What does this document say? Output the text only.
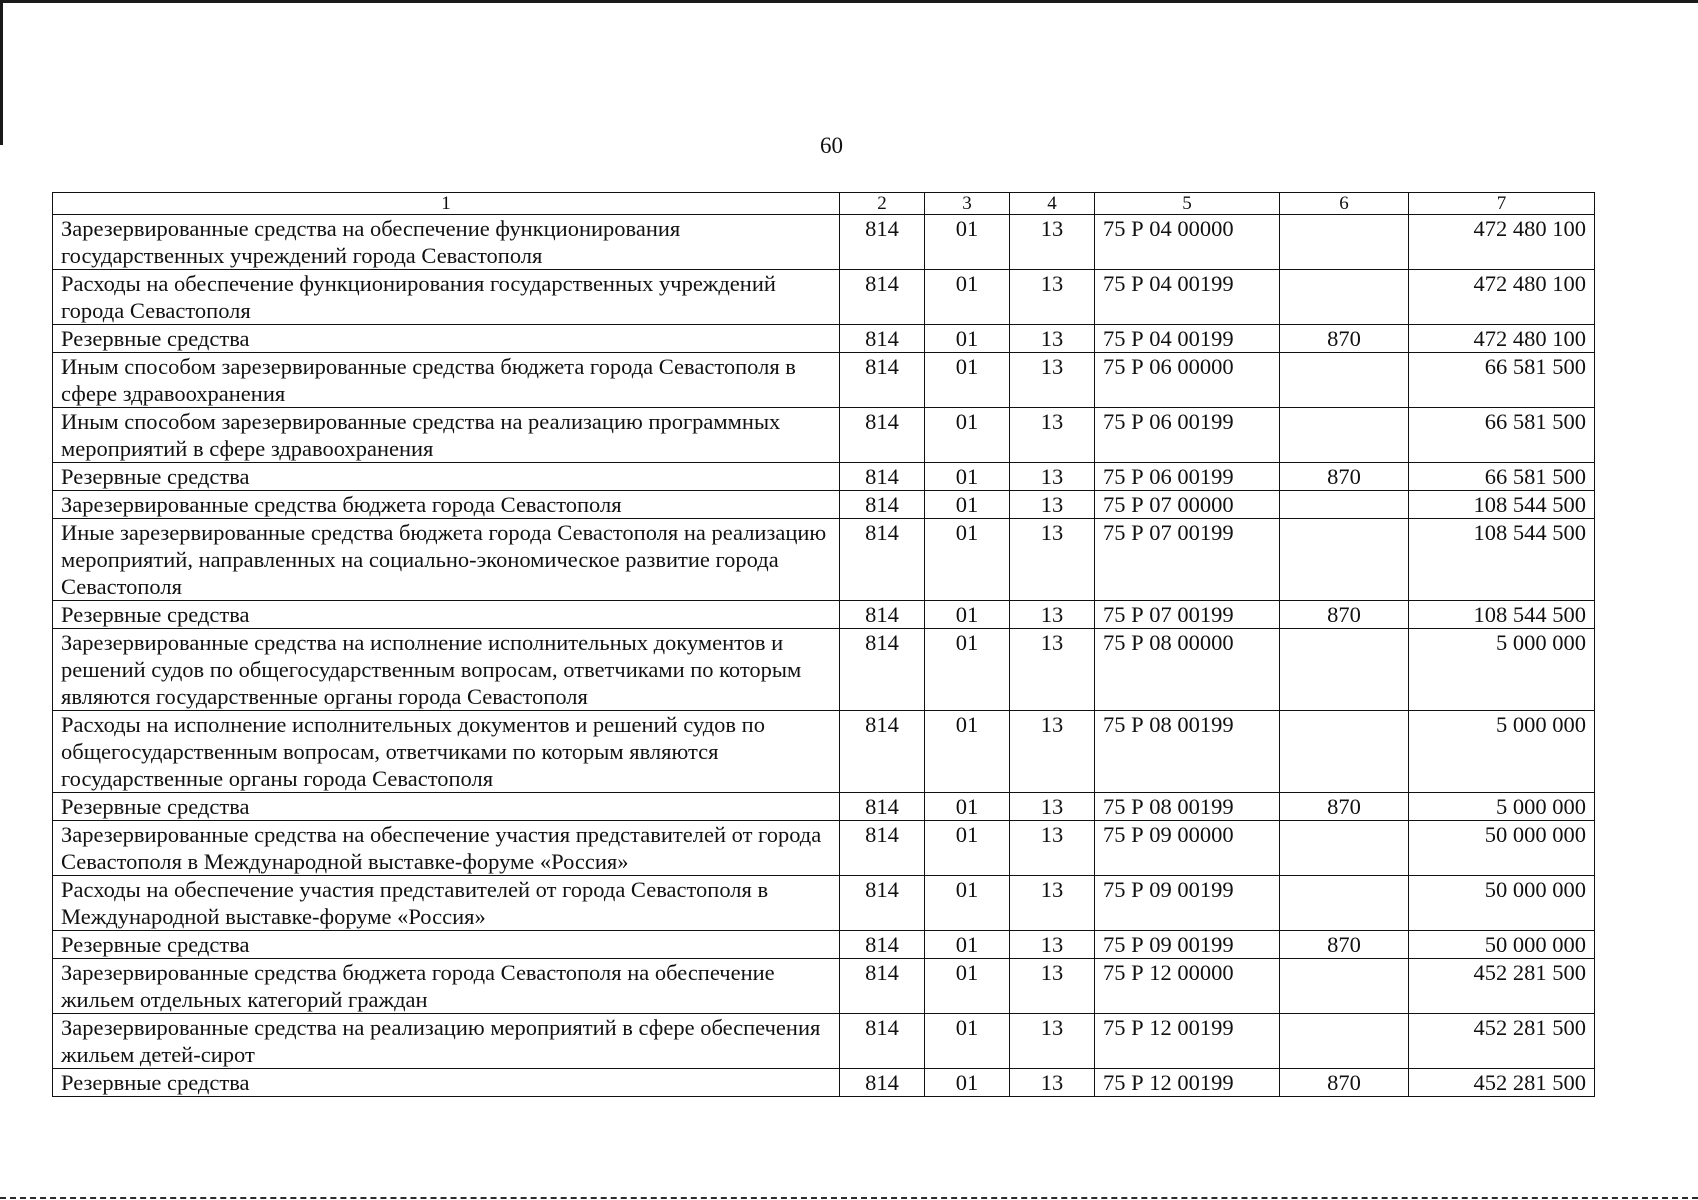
60
1	2	3	4	5	6	7
Зарезервированные средства на обеспечение функционирования государственных учреждений города Севастополя	814	01	13	75 Р 04 00000		472 480 100
Расходы на обеспечение функционирования государственных учреждений города Севастополя	814	01	13	75 Р 04 00199		472 480 100
Резервные средства	814	01	13	75 Р 04 00199	870	472 480 100
Иным способом зарезервированные средства бюджета города Севастополя в сфере здравоохранения	814	01	13	75 Р 06 00000		66 581 500
Иным способом зарезервированные средства на реализацию программных мероприятий в сфере здравоохранения	814	01	13	75 Р 06 00199		66 581 500
Резервные средства	814	01	13	75 Р 06 00199	870	66 581 500
Зарезервированные средства бюджета города Севастополя	814	01	13	75 Р 07 00000		108 544 500
Иные зарезервированные средства бюджета города Севастополя на реализацию мероприятий, направленных на социально-экономическое развитие города Севастополя	814	01	13	75 Р 07 00199		108 544 500
Резервные средства	814	01	13	75 Р 07 00199	870	108 544 500
Зарезервированные средства на исполнение исполнительных документов и решений судов по общегосударственным вопросам, ответчиками по которым являются государственные органы города Севастополя	814	01	13	75 Р 08 00000		5 000 000
Расходы на исполнение исполнительных документов и решений судов по общегосударственным вопросам, ответчиками по которым являются государственные органы города Севастополя	814	01	13	75 Р 08 00199		5 000 000
Резервные средства	814	01	13	75 Р 08 00199	870	5 000 000
Зарезервированные средства на обеспечение участия представителей от города Севастополя в Международной выставке-форуме «Россия»	814	01	13	75 Р 09 00000		50 000 000
Расходы на обеспечение участия представителей от города Севастополя в Международной выставке-форуме «Россия»	814	01	13	75 Р 09 00199		50 000 000
Резервные средства	814	01	13	75 Р 09 00199	870	50 000 000
Зарезервированные средства бюджета города Севастополя на обеспечение жильем отдельных категорий граждан	814	01	13	75 Р 12 00000		452 281 500
Зарезервированные средства на реализацию мероприятий в сфере обеспечения жильем детей-сирот	814	01	13	75 Р 12 00199		452 281 500
Резервные средства	814	01	13	75 Р 12 00199	870	452 281 500
